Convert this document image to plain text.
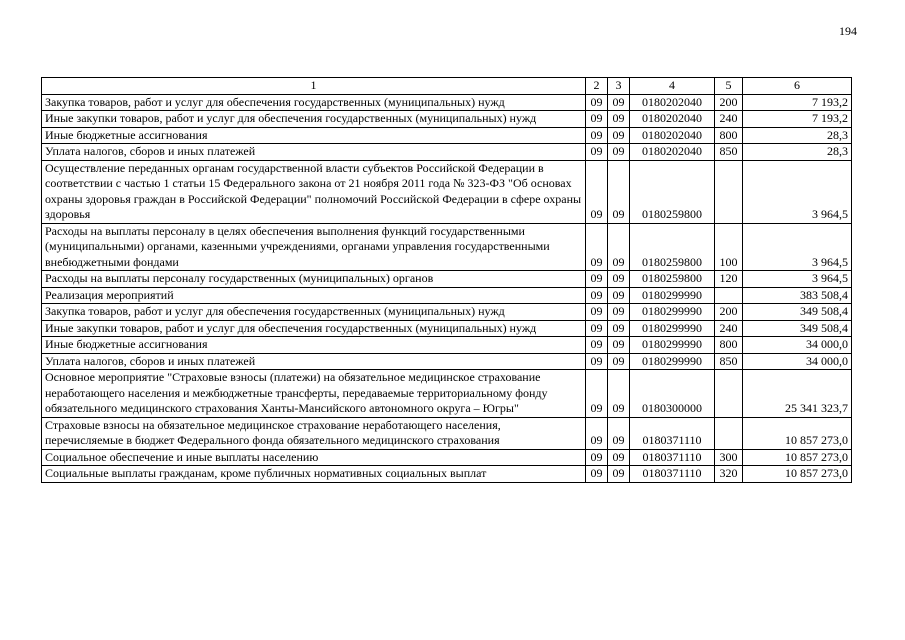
194
1	2	3	4	5	6
Закупка товаров, работ и услуг для обеспечения государственных (муниципальных) нужд	09	09	0180202040	200	7 193,2
Иные закупки товаров, работ и услуг для обеспечения государственных (муниципальных) нужд	09	09	0180202040	240	7 193,2
Иные бюджетные ассигнования	09	09	0180202040	800	28,3
Уплата налогов, сборов и иных платежей	09	09	0180202040	850	28,3
Осуществление переданных органам государственной власти субъектов Российской Федерации в соответствии с частью 1 статьи 15 Федерального закона от 21 ноября 2011 года № 323-ФЗ "Об основах охраны здоровья граждан в Российской Федерации" полномочий Российской Федерации в сфере охраны здоровья	09	09	0180259800		3 964,5
Расходы на выплаты персоналу в целях обеспечения выполнения функций государственными (муниципальными) органами, казенными учреждениями, органами управления государственными внебюджетными фондами	09	09	0180259800	100	3 964,5
Расходы на выплаты персоналу государственных (муниципальных) органов	09	09	0180259800	120	3 964,5
Реализация мероприятий	09	09	0180299990		383 508,4
Закупка товаров, работ и услуг для обеспечения государственных (муниципальных) нужд	09	09	0180299990	200	349 508,4
Иные закупки товаров, работ и услуг для обеспечения государственных (муниципальных) нужд	09	09	0180299990	240	349 508,4
Иные бюджетные ассигнования	09	09	0180299990	800	34 000,0
Уплата налогов, сборов и иных платежей	09	09	0180299990	850	34 000,0
Основное мероприятие "Страховые взносы (платежи) на обязательное медицинское страхование неработающего населения и межбюджетные трансферты, передаваемые территориальному фонду обязательного медицинского страхования Ханты-Мансийского автономного округа – Югры"	09	09	0180300000		25 341 323,7
Страховые взносы на обязательное медицинское страхование неработающего населения, перечисляемые в бюджет Федерального фонда обязательного медицинского страхования	09	09	0180371110		10 857 273,0
Социальное обеспечение и иные выплаты населению	09	09	0180371110	300	10 857 273,0
Социальные выплаты гражданам, кроме публичных нормативных социальных выплат	09	09	0180371110	320	10 857 273,0
